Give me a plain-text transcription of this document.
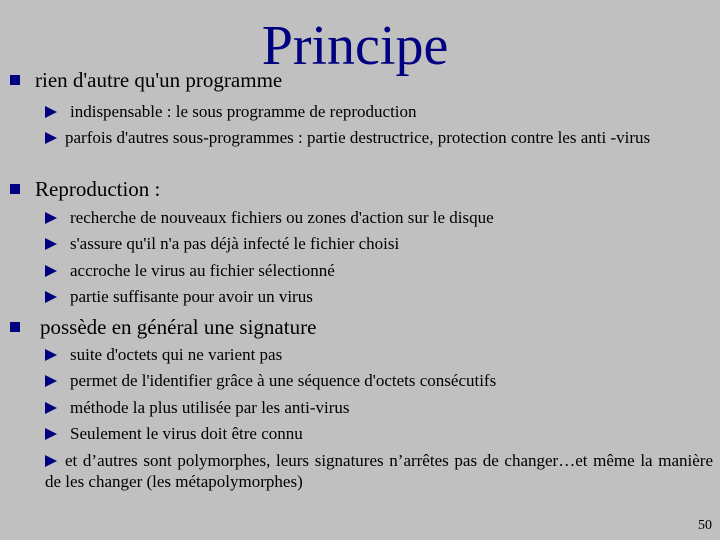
Principe
rien d'autre qu'un programme
indispensable : le sous programme de reproduction
parfois d'autres sous-programmes : partie destructrice, protection contre les anti -virus
Reproduction :
recherche de nouveaux fichiers ou zones d'action sur le disque
s'assure qu'il n'a pas déjà infecté le fichier choisi
accroche le virus au fichier sélectionné
partie suffisante pour avoir un virus
possède en général une signature
suite d'octets qui ne varient pas
permet de l'identifier grâce à une séquence d'octets consécutifs
méthode la plus utilisée par les anti-virus
Seulement le virus doit être connu
et d’autres sont polymorphes, leurs signatures n’arrêtes pas de changer…et même la manière de les changer (les métapolymorphes)
50
